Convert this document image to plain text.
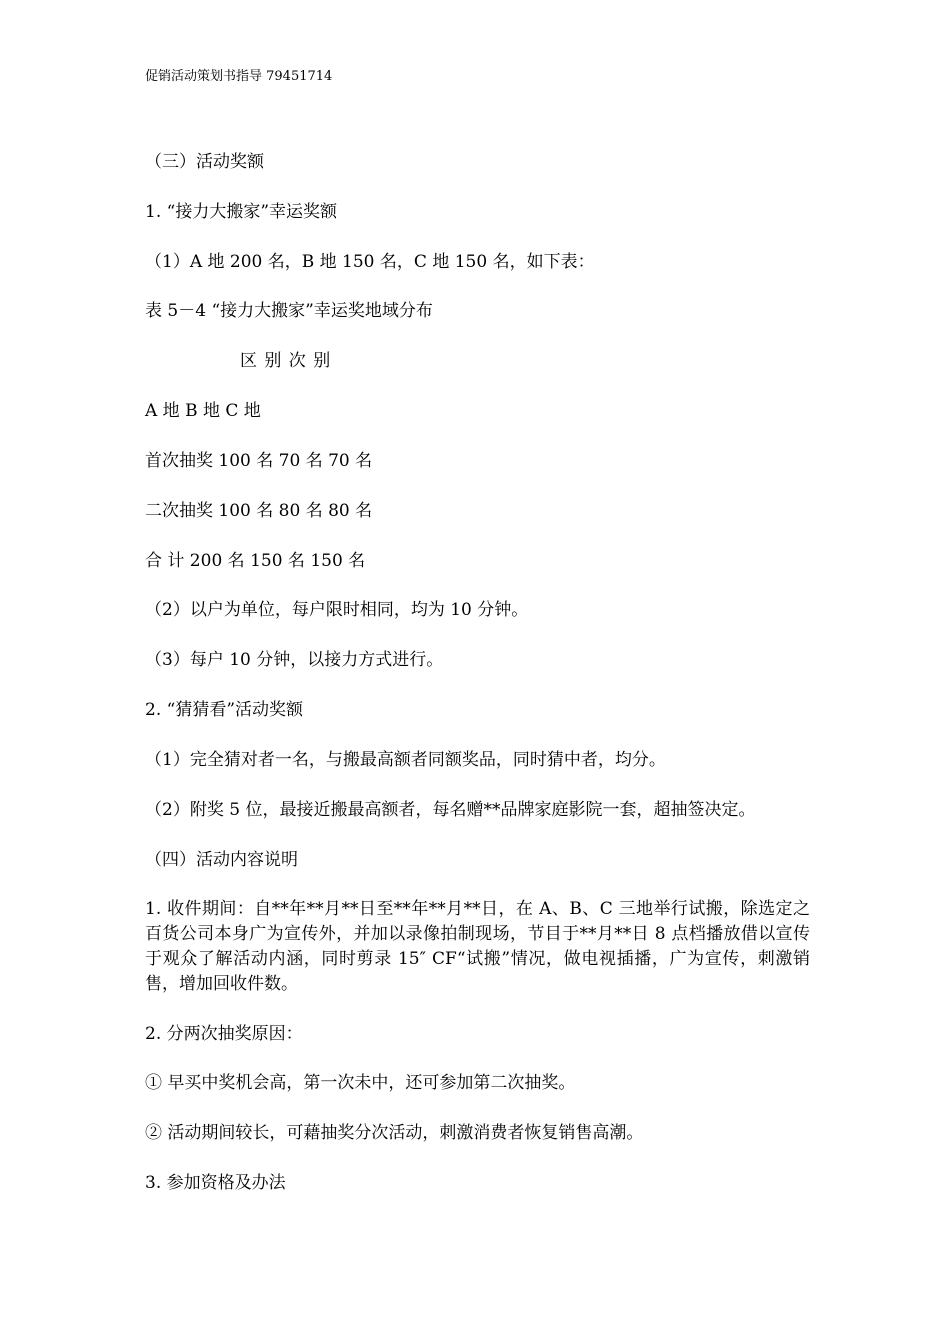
促销活动策划书指导 79451714
（三）活动奖额
1. “接力大搬家”幸运奖额
（1）A 地 200 名，B 地 150 名，C 地 150 名，如下表：
表 5－4 “接力大搬家”幸运奖地域分布
区 别 次 别
A 地 B 地 C 地
首次抽奖 100 名 70 名 70 名
二次抽奖 100 名 80 名 80 名
合 计 200 名 150 名 150 名
（2）以户为单位，每户限时相同，均为 10 分钟。
（3）每户 10 分钟，以接力方式进行。
2. “猜猜看”活动奖额
（1）完全猜对者一名，与搬最高额者同额奖品，同时猜中者，均分。
（2）附奖 5 位，最接近搬最高额者，每名赠**品牌家庭影院一套，超抽签决定。
（四）活动内容说明
1. 收件期间：自**年**月**日至**年**月**日，在 A、B、C 三地举行试搬，除选定之百货公司本身广为宣传外，并加以录像拍制现场，节目于**月**日 8 点档播放借以宣传于观众了解活动内涵，同时剪录 15″ CF“试搬”情况，做电视插播，广为宣传，刺激销售，增加回收件数。
2. 分两次抽奖原因：
① 早买中奖机会高，第一次未中，还可参加第二次抽奖。
② 活动期间较长，可藉抽奖分次活动，刺激消费者恢复销售高潮。
3. 参加资格及办法
